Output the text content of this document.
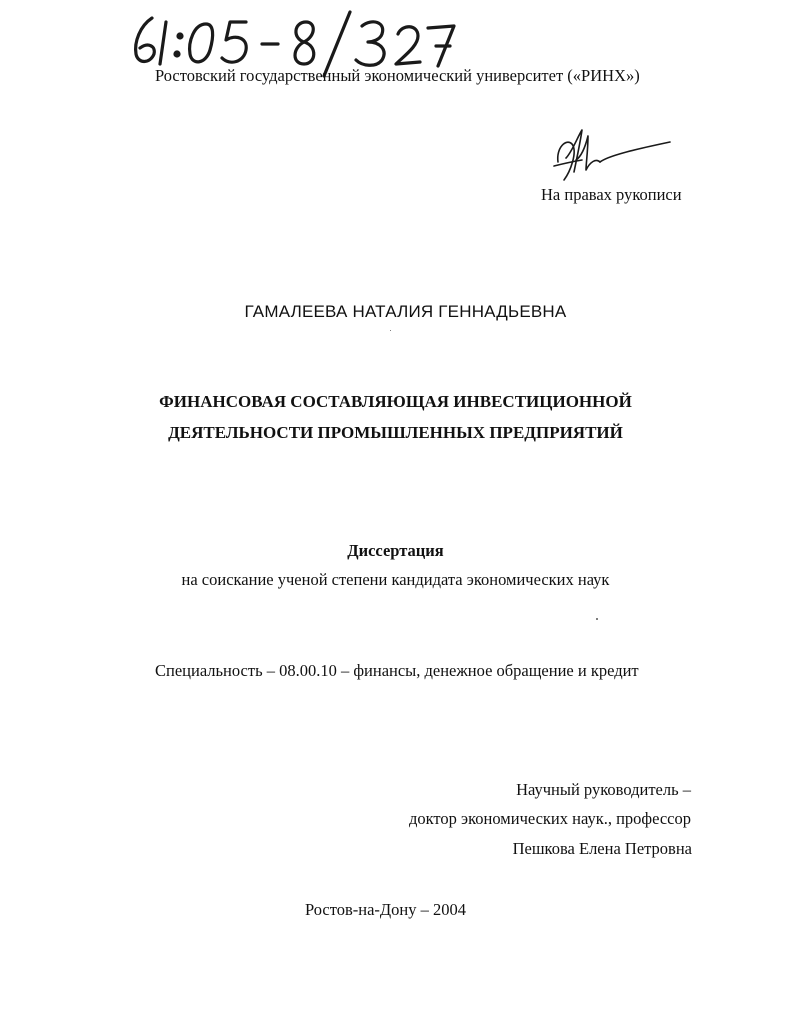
Ростовский государственный экономический университет («РИНХ»)
На правах рукописи
ГАМАЛЕЕВА НАТАЛИЯ ГЕННАДЬЕВНА
ФИНАНСОВАЯ СОСТАВЛЯЮЩАЯ ИНВЕСТИЦИОННОЙ
ДЕЯТЕЛЬНОСТИ ПРОМЫШЛЕННЫХ ПРЕДПРИЯТИЙ
Диссертация
на соискание ученой степени кандидата экономических наук
Специальность – 08.00.10 – финансы, денежное обращение и кредит
Научный руководитель –
доктор экономических наук., профессор
Пешкова Елена Петровна
Ростов-на-Дону – 2004
